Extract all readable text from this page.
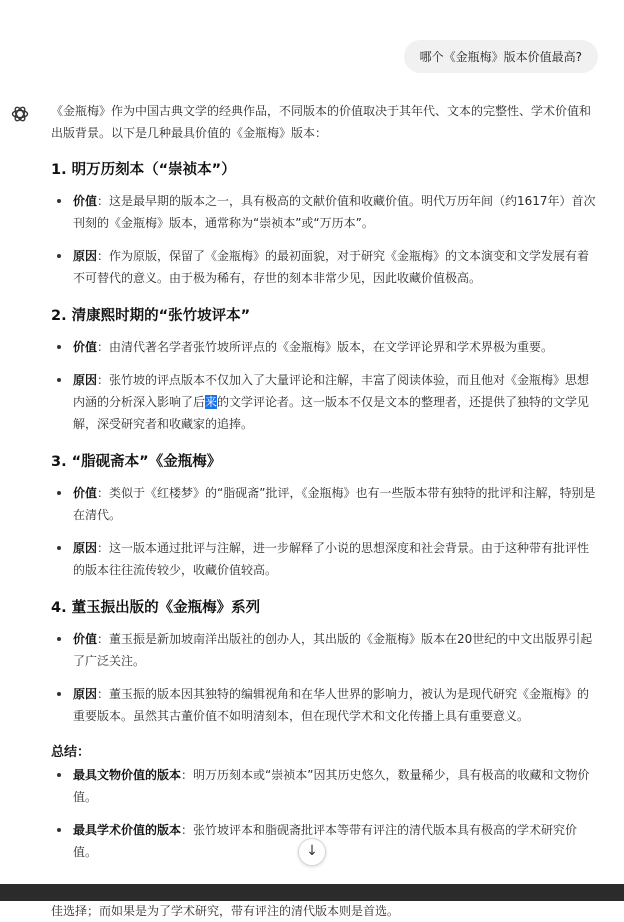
哪个《金瓶梅》版本价值最高?

《金瓶梅》作为中国古典文学的经典作品，不同版本的价值取决于其年代、文本的完整性、学术价值和出版背景。以下是几种最具价值的《金瓶梅》版本：

1. 明万历刻本（“崇祯本”）
价值：这是最早期的版本之一，具有极高的文献价值和收藏价值。明代万历年间（约1617年）首次刊刻的《金瓶梅》版本，通常称为“崇祯本”或“万历本”。
原因：作为原版，保留了《金瓶梅》的最初面貌，对于研究《金瓶梅》的文本演变和文学发展有着不可替代的意义。由于极为稀有，存世的刻本非常少见，因此收藏价值极高。
2. 清康熙时期的“张竹坡评本”
价值：由清代著名学者张竹坡所评点的《金瓶梅》版本，在文学评论界和学术界极为重要。
原因：张竹坡的评点版本不仅加入了大量评论和注解，丰富了阅读体验，而且他对《金瓶梅》思想内涵的分析深入影响了后来的文学评论者。这一版本不仅是文本的整理者，还提供了独特的文学见解，深受研究者和收藏家的追捧。
3. “脂砚斋本”《金瓶梅》
价值：类似于《红楼梦》的“脂砚斋”批评，《金瓶梅》也有一些版本带有独特的批评和注解，特别是在清代。
原因：这一版本通过批评与注解，进一步解释了小说的思想深度和社会背景。由于这种带有批评性的版本往往流传较少，收藏价值较高。
4. 董玉振出版的《金瓶梅》系列
价值：董玉振是新加坡南洋出版社的创办人，其出版的《金瓶梅》版本在20世纪的中文出版界引起了广泛关注。
原因：董玉振的版本因其独特的编辑视角和在华人世界的影响力，被认为是现代研究《金瓶梅》的重要版本。虽然其古董价值不如明清刻本，但在现代学术和文化传播上具有重要意义。

总结：

最具文物价值的版本：明万历刻本或“崇祯本”因其历史悠久，数量稀少，具有极高的收藏和文物价值。
最具学术价值的版本：张竹坡评本和脂砚斋批评本等带有评注的清代版本具有极高的学术研究价值。

佳选择；而如果是为了学术研究，带有评注的清代版本则是首选。

↓
